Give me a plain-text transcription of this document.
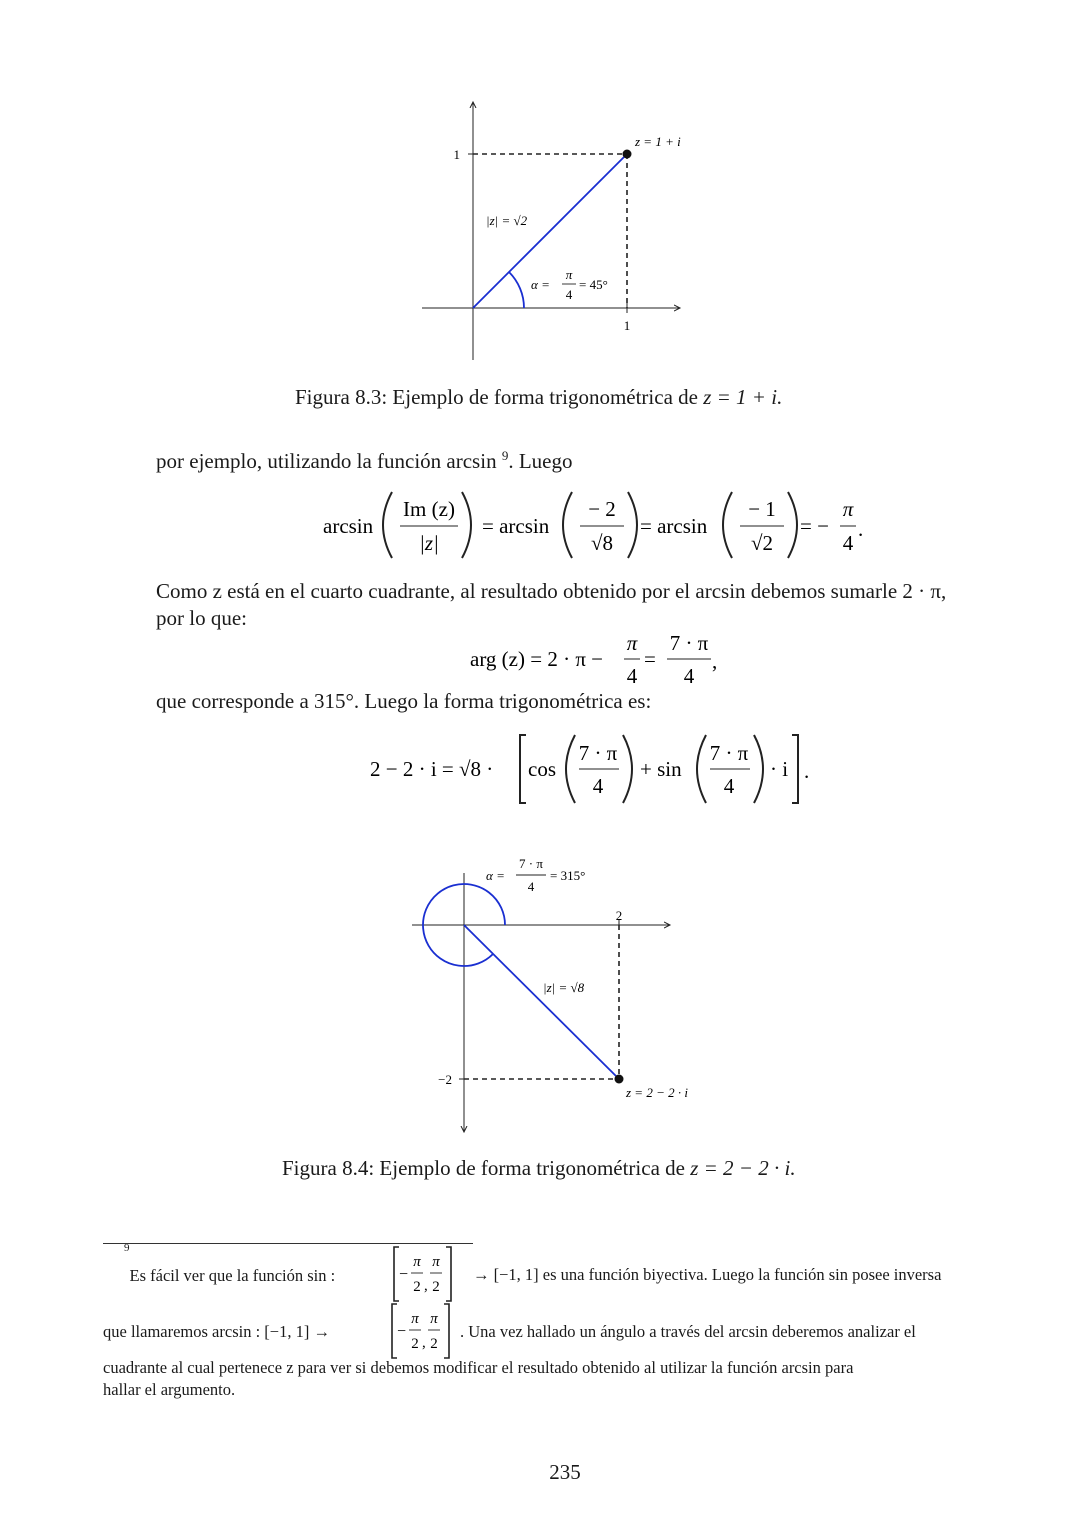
1
1
z = 1 + i
|z| = √2
α =
π
4
= 45°
Figura 8.3: Ejemplo de forma trigonométrica de z = 1 + i.
por ejemplo, utilizando la función arcsin $^9$. Luego
arcsin
Im (z)
|z|
= arcsin
− 2
√8
= arcsin
− 1
√2
= −
π
4
.
Como z está en el cuarto cuadrante, al resultado obtenido por el arcsin debemos sumarle 2 · π,
por lo que:
arg (z) = 2 · π −
π
4
=
7 · π
4
,
que corresponde a 315°. Luego la forma trigonométrica es:
2 − 2 · i = √8 · cos
7 · π
4
+ sin
7 · π
4
· i .
α =
7 · π
4
= 315°
2
−2
|z| = √8
z = 2 − 2 · i
Figura 8.4: Ejemplo de forma trigonométrica de z = 2 − 2 · i.
$^9$Es fácil ver que la función sin :	−
π
2 ,
π
2
→ [−1, 1] es una función biyectiva. Luego la función sin posee inversa
que llamaremos arcsin : [−1, 1] →	−
π
2 ,
π
2
. Una vez hallado un ángulo a través del arcsin deberemos analizar el
cuadrante al cual pertenece z para ver si debemos modificar el resultado obtenido al utilizar la función arcsin para
hallar el argumento.
235
